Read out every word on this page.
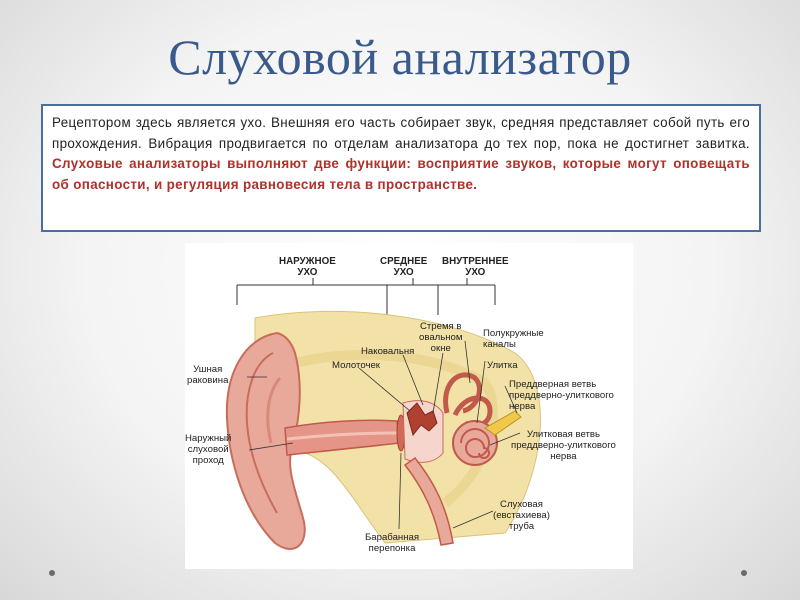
Слуховой анализатор
Рецептором здесь является ухо. Внешняя его часть собирает звук, средняя представляет собой путь его прохождения. Вибрация продвигается по отделам анализатора до тех пор, пока не достигнет завитка. Слуховые анализаторы выполняют две функции: восприятие звуков, которые могут оповещать об опасности, и регуляция равновесия тела в пространстве.
НАРУЖНОЕ
УХО
СРЕДНЕЕ
УХО
ВНУТРЕННЕЕ
УХО
Ушная
раковина
Наружный
слуховой
проход
Молоточек
Наковальня
Стремя в
овальном
окне
Полукружные
каналы
Улитка
Преддверная ветвь
преддверно-улиткового
нерва
Улитковая ветвь
преддверно-улиткового
нерва
Слуховая
(евстахиева)
труба
Барабанная
перепонка
